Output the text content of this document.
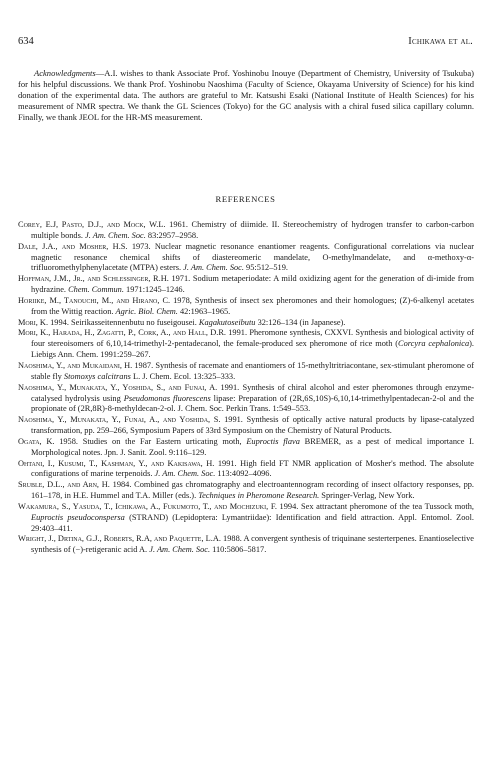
634	Ichikawa et al.
Acknowledgments—A.I. wishes to thank Associate Prof. Yoshinobu Inouye (Department of Chemistry, University of Tsukuba) for his helpful discussions. We thank Prof. Yoshinobu Naoshima (Faculty of Science, Okayama University of Science) for his kind donation of the experimental data. The authors are grateful to Mr. Katsushi Esaki (National Institute of Health Sciences) for his measurement of NMR spectra. We thank the GL Sciences (Tokyo) for the GC analysis with a chiral fused silica capillary column. Finally, we thank JEOL for the HR-MS measurement.
REFERENCES
Corey, E.J, Pasto, D.J., and Mock, W.L. 1961. Chemistry of diimide. II. Stereochemistry of hydrogen transfer to carbon-carbon multiple bonds. J. Am. Chem. Soc. 83:2957–2958.
Dale, J.A., and Mosher, H.S. 1973. Nuclear magnetic resonance enantiomer reagents. Configurational correlations via nuclear magnetic resonance chemical shifts of diastereomeric mandelate, O-methylmandelate, and α-methoxy-α-trifluoromethylphenylacetate (MTPA) esters. J. Am. Chem. Soc. 95:512–519.
Hoffman, J.M., Jr., and Schlessinger, R.H. 1971. Sodium metaperiodate: A mild oxidizing agent for the generation of di-imide from hydrazine. Chem. Commun. 1971:1245–1246.
Horiike, M., Tanouchi, M., and Hirano, C. 1978, Synthesis of insect sex pheromones and their homologues; (Z)-6-alkenyl acetates from the Wittig reaction. Agric. Biol. Chem. 42:1963–1965.
Mori, K. 1994. Seirikasseitennenbutu no fuseigousei. Kagakutoseibutu 32:126–134 (in Japanese).
Mori, K., Harada, H., Zagatti, P., Cork, A., and Hall, D.R. 1991. Pheromone synthesis, CXXVI. Synthesis and biological activity of four stereoisomers of 6,10,14-trimethyl-2-pentadecanol, the female-produced sex pheromone of rice moth (Corcyra cephalonica). Liebigs Ann. Chem. 1991:259–267.
Naoshima, Y., and Mukaidani, H. 1987. Synthesis of racemate and enantiomers of 15-methyltritriacontane, sex-stimulant pheromone of stable fly Stomoxys calcitrans L. J. Chem. Ecol. 13:325–333.
Naoshima, Y., Munakata, Y., Yoshida, S., and Funai, A. 1991. Synthesis of chiral alcohol and ester pheromones through enzyme-catalysed hydrolysis using Pseudomonas fluorescens lipase: Preparation of (2R,6S,10S)-6,10,14-trimethylpentadecan-2-ol and the propionate of (2R,8R)-8-methyldecan-2-ol. J. Chem. Soc. Perkin Trans. 1:549–553.
Naoshima, Y., Munakata, Y., Funai, A., and Yoshida, S. 1991. Synthesis of optically active natural products by lipase-catalyzed transformation, pp. 259–266, Symposium Papers of 33rd Symposium on the Chemistry of Natural Products.
Ogata, K. 1958. Studies on the Far Eastern urticating moth, Euproctis flava BREMER, as a pest of medical importance I. Morphological notes. Jpn. J. Sanit. Zool. 9:116–129.
Ohtani, I., Kusumi, T., Kashman, Y., and Kakisawa, H. 1991. High field FT NMR application of Mosher's method. The absolute configurations of marine terpenoids. J. Am. Chem. Soc. 113:4092–4096.
Sruble, D.L., and Arn, H. 1984. Combined gas chromatography and electroantennogram recording of insect olfactory responses, pp. 161–178, in H.E. Hummel and T.A. Miller (eds.). Techniques in Pheromone Research. Springer-Verlag, New York.
Wakamura, S., Yasuda, T., Ichikawa, A., Fukumoto, T., and Mochizuki, F. 1994. Sex attractant pheromone of the tea Tussock moth, Euproctis pseudoconspersa (STRAND) (Lepidoptera: Lymantriidae): Identification and field attraction. Appl. Entomol. Zool. 29:403–411.
Wright, J., Drtina, G.J., Roberts, R.A, and Paquette, L.A. 1988. A convergent synthesis of triquinane sesterterpenes. Enantioselective synthesis of (−)-retigeranic acid A. J. Am. Chem. Soc. 110:5806–5817.
